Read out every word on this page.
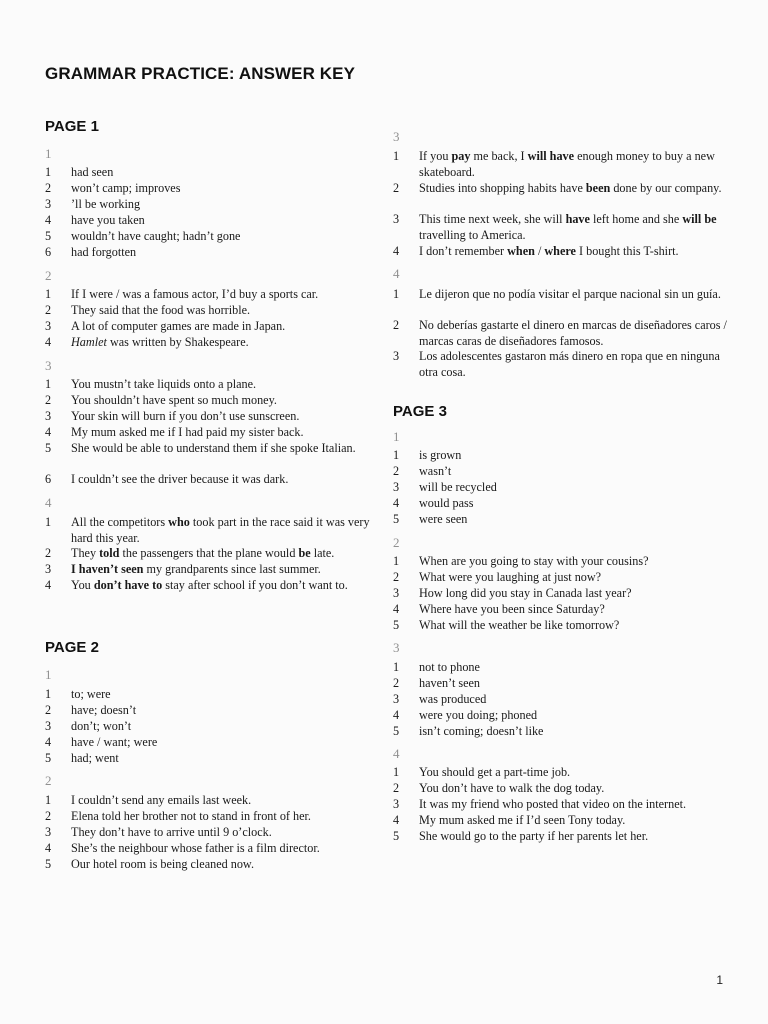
GRAMMAR PRACTICE: ANSWER KEY
PAGE 1
1
1	had seen
2	won’t camp; improves
3	’ll be working
4	have you taken
5	wouldn’t have caught; hadn’t gone
6	had forgotten
2
1	If I were / was a famous actor, I’d buy a sports car.
2	They said that the food was horrible.
3	A lot of computer games are made in Japan.
4	Hamlet was written by Shakespeare.
3
1	You mustn’t take liquids onto a plane.
2	You shouldn’t have spent so much money.
3	Your skin will burn if you don’t use sunscreen.
4	My mum asked me if I had paid my sister back.
5	She would be able to understand them if she spoke Italian.
6	I couldn’t see the driver because it was dark.
4
1	All the competitors who took part in the race said it was very hard this year.
2	They told the passengers that the plane would be late.
3	I haven’t seen my grandparents since last summer.
4	You don’t have to stay after school if you don’t want to.
PAGE 2
1
1	to; were
2	have; doesn’t
3	don’t; won’t
4	have / want; were
5	had; went
2
1	I couldn’t send any emails last week.
2	Elena told her brother not to stand in front of her.
3	They don’t have to arrive until 9 o’clock.
4	She’s the neighbour whose father is a film director.
5	Our hotel room is being cleaned now.
3
1	If you pay me back, I will have enough money to buy a new skateboard.
2	Studies into shopping habits have been done by our company.
3	This time next week, she will have left home and she will be travelling to America.
4	I don’t remember when / where I bought this T-shirt.
4
1	Le dijeron que no podía visitar el parque nacional sin un guía.
2	No deberías gastarte el dinero en marcas de diseñadores caros / marcas caras de diseñadores famosos.
3	Los adolescentes gastaron más dinero en ropa que en ninguna otra cosa.
PAGE 3
1
1	is grown
2	wasn’t
3	will be recycled
4	would pass
5	were seen
2
1	When are you going to stay with your cousins?
2	What were you laughing at just now?
3	How long did you stay in Canada last year?
4	Where have you been since Saturday?
5	What will the weather be like tomorrow?
3
1	not to phone
2	haven’t seen
3	was produced
4	were you doing; phoned
5	isn’t coming; doesn’t like
4
1	You should get a part-time job.
2	You don’t have to walk the dog today.
3	It was my friend who posted that video on the internet.
4	My mum asked me if I’d seen Tony today.
5	She would go to the party if her parents let her.
1
